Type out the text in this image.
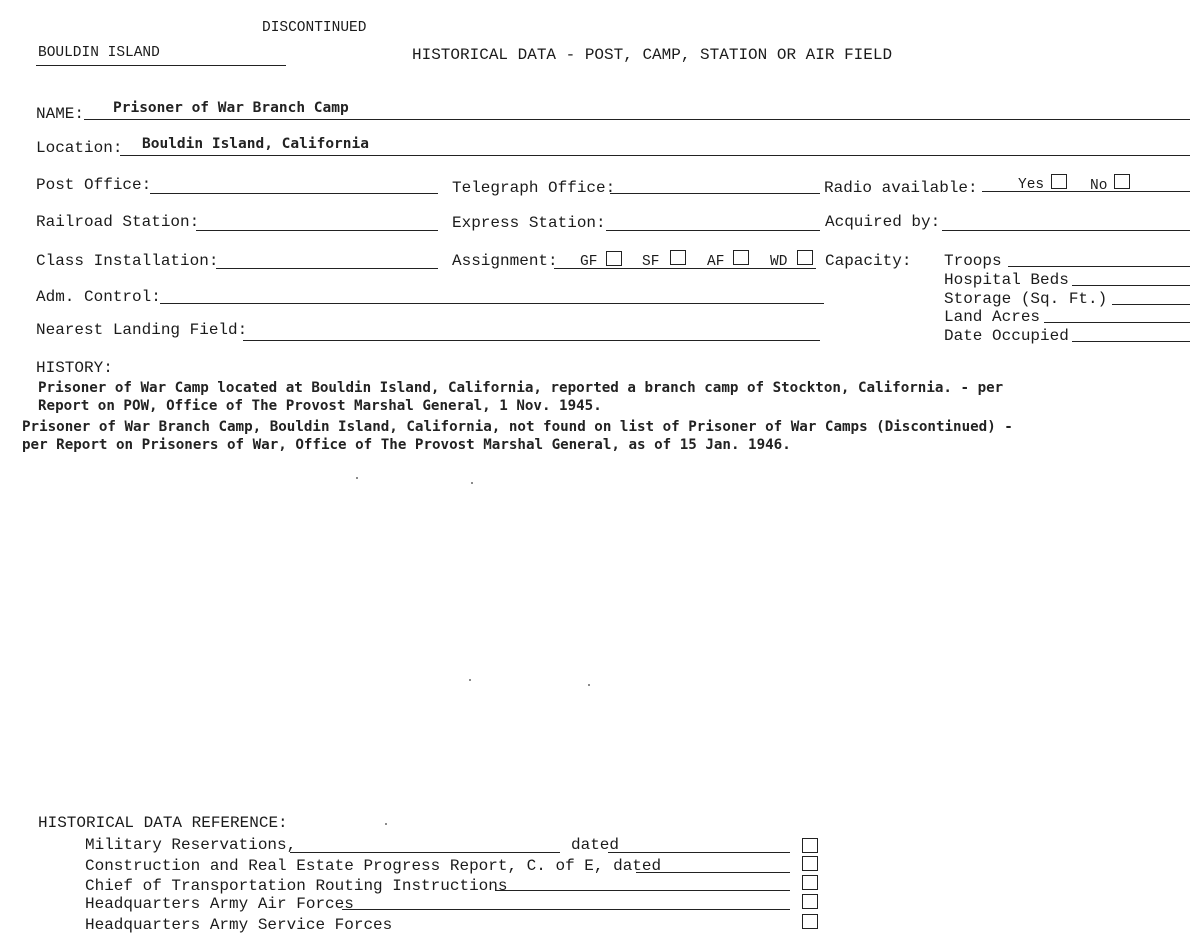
DISCONTINUED
BOULDIN ISLAND	HISTORICAL DATA - POST, CAMP, STATION OR AIR FIELD
NAME: Prisoner of War Branch Camp
Location: Bouldin Island, California
Post Office:	Telegraph Office:	Radio available:	Yes	No
Railroad Station:	Express Station:	Acquired by:
Class Installation:	Assignment: GF	SF	AF	WD Capacity: Troops
Hospital Beds
Storage (Sq. Ft.)
Land Acres
Date Occupied
Adm. Control:
Nearest Landing Field:
HISTORY:
Prisoner of War Camp located at Bouldin Island, California, reported a branch camp of Stockton, California. - per
Report on POW, Office of The Provost Marshal General, 1 Nov. 1945.
Prisoner of War Branch Camp, Bouldin Island, California, not found on list of Prisoner of War Camps (Discontinued) -
per Report on Prisoners of War, Office of The Provost Marshal General, as of 15 Jan. 1946.
HISTORICAL DATA REFERENCE:
Military Reservations,	dated
Construction and Real Estate Progress Report, C. of E, dated
Chief of Transportation Routing Instructions
Headquarters Army Air Forces
Headquarters Army Service Forces
